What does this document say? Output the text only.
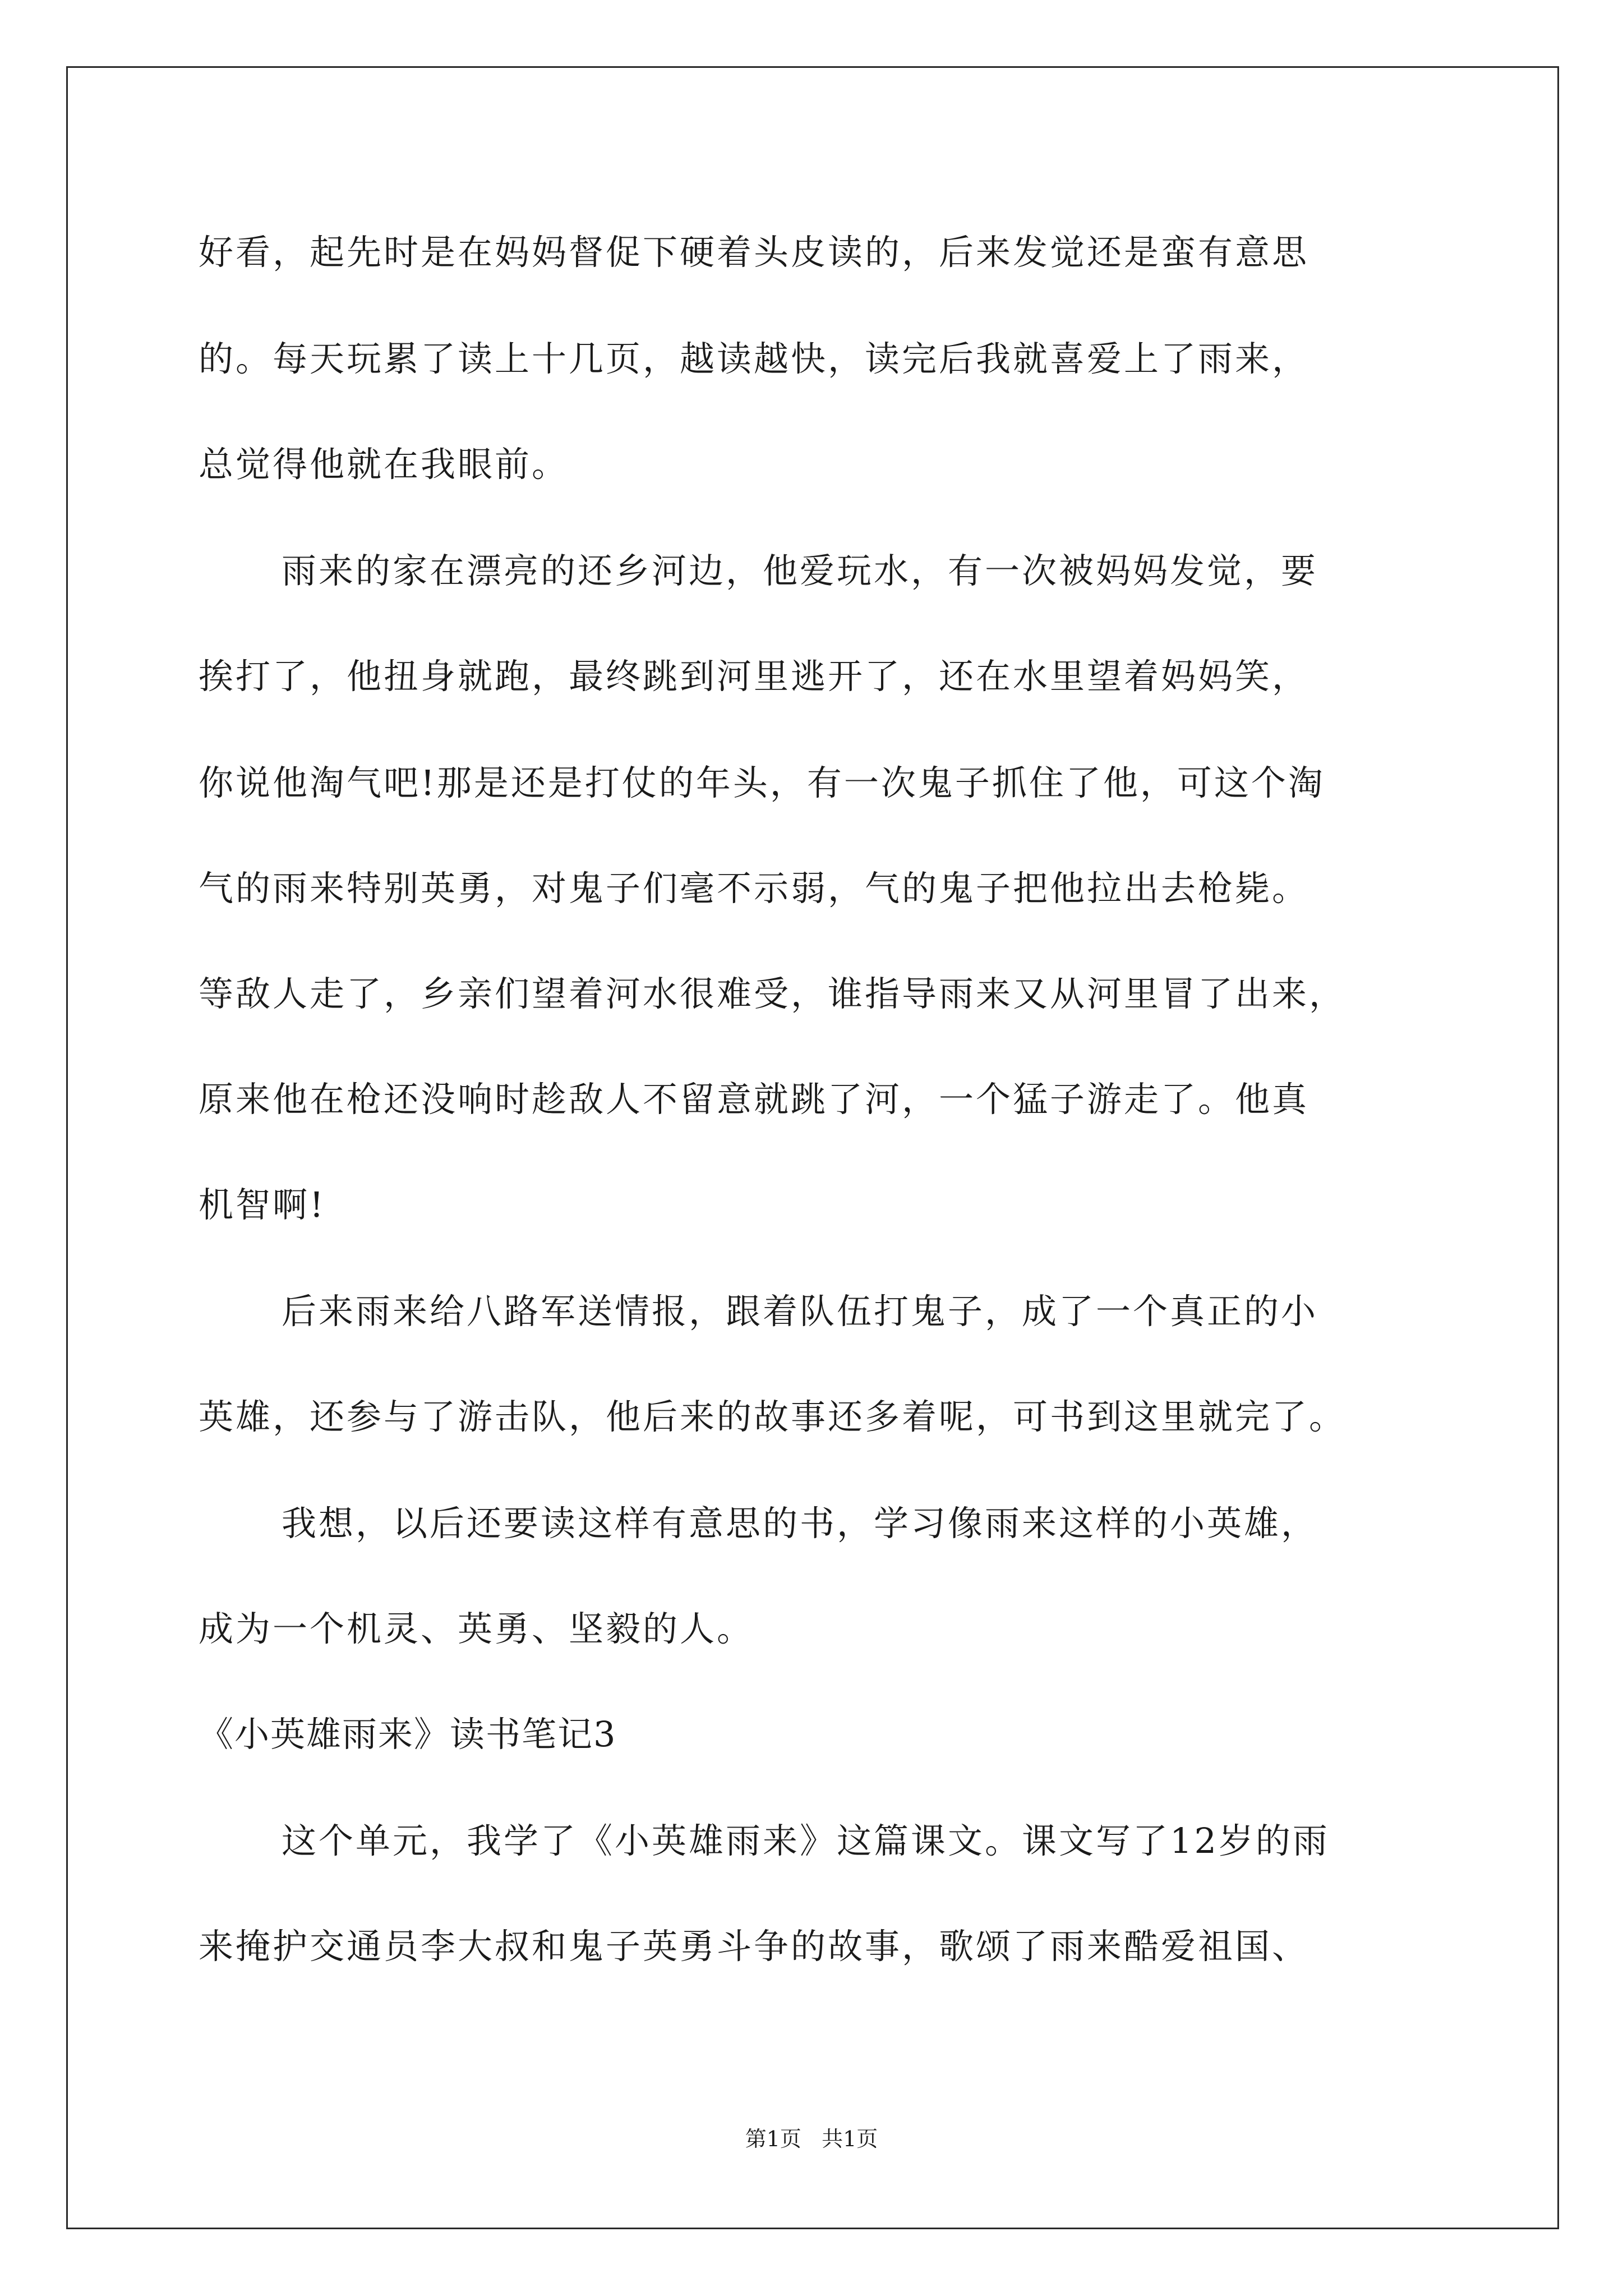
好看，起先时是在妈妈督促下硬着头皮读的，后来发觉还是蛮有意思
的。每天玩累了读上十几页，越读越快，读完后我就喜爱上了雨来，
总觉得他就在我眼前。
雨来的家在漂亮的还乡河边，他爱玩水，有一次被妈妈发觉，要
挨打了，他扭身就跑，最终跳到河里逃开了，还在水里望着妈妈笑，
你说他淘气吧!那是还是打仗的年头，有一次鬼子抓住了他，可这个淘
气的雨来特别英勇，对鬼子们毫不示弱，气的鬼子把他拉出去枪毙。
等敌人走了，乡亲们望着河水很难受，谁指导雨来又从河里冒了出来，
原来他在枪还没响时趁敌人不留意就跳了河，一个猛子游走了。他真
机智啊!
后来雨来给八路军送情报，跟着队伍打鬼子，成了一个真正的小
英雄，还参与了游击队，他后来的故事还多着呢，可书到这里就完了。
我想，以后还要读这样有意思的书，学习像雨来这样的小英雄，
成为一个机灵、英勇、坚毅的人。
《小英雄雨来》读书笔记3
这个单元，我学了《小英雄雨来》这篇课文。课文写了12岁的雨
来掩护交通员李大叔和鬼子英勇斗争的故事，歌颂了雨来酷爱祖国、
第1页   共1页
